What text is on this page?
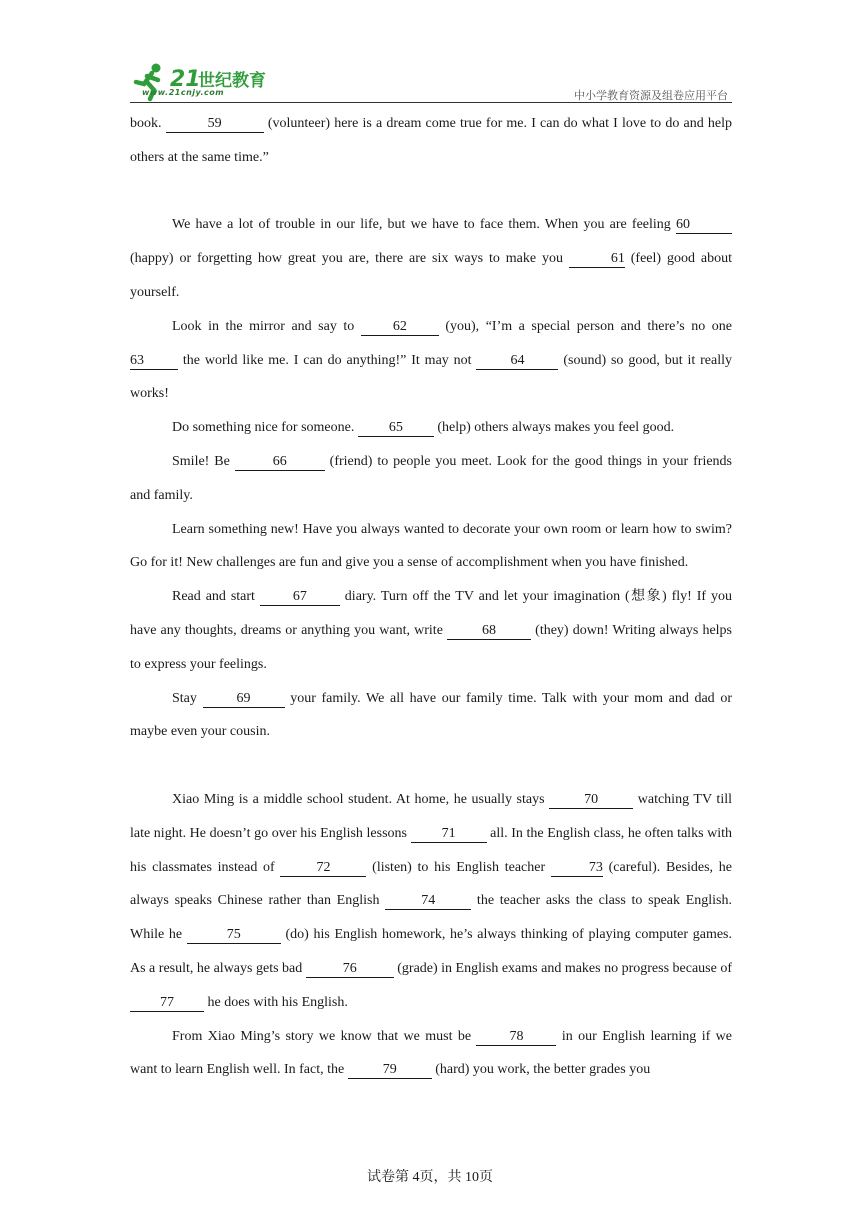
21
世纪教育
www.21cnjy.com	中小学教育资源及组卷应用平台

book.	59	(volunteer) here is a dream come true for me. I can do what I love to do and help others at the same time.”

We have a lot of trouble in our life, but we have to face them. When you are feeling 60 (happy) or forgetting how great you are, there are six ways to make you	61 (feel) good about yourself.

Look in the mirror and say to 62 (you), “I’m a special person and there’s no one 63 the world like me. I can do anything!” It may not 64 (sound) so good, but it really works!

Do something nice for someone. 65 (help) others always makes you feel good.

Smile! Be	66	(friend) to people you meet. Look for the good things in your friends and family.

Learn something new! Have you always wanted to decorate your own room or learn how to swim? Go for it! New challenges are fun and give you a sense of accomplishment when you have finished.

Read and start 67 diary. Turn off the TV and let your imagination (想象) fly! If you have any thoughts, dreams or anything you want, write	68	(they) down! Writing always helps to express your feelings.

Stay 69 your family. We all have our family time. Talk with your mom and dad or maybe even your cousin.

Xiao Ming is a middle school student. At home, he usually stays	70	watching TV till late night. He doesn’t go over his English lessons 71 all. In the English class, he often talks with his classmates instead of	72	(listen) to his English teacher	73 (careful). Besides, he always speaks Chinese rather than English	74	the teacher asks the class to speak English. While he	75	(do) his English homework, he’s always thinking of playing computer games. As a result, he always gets bad	76	(grade) in English exams and makes no progress because of 77 he does with his English.

From Xiao Ming’s story we know that we must be 78 in our English learning if we want to learn English well. In fact, the	79	(hard) you work, the better grades you

试卷第 4页，共 10页
